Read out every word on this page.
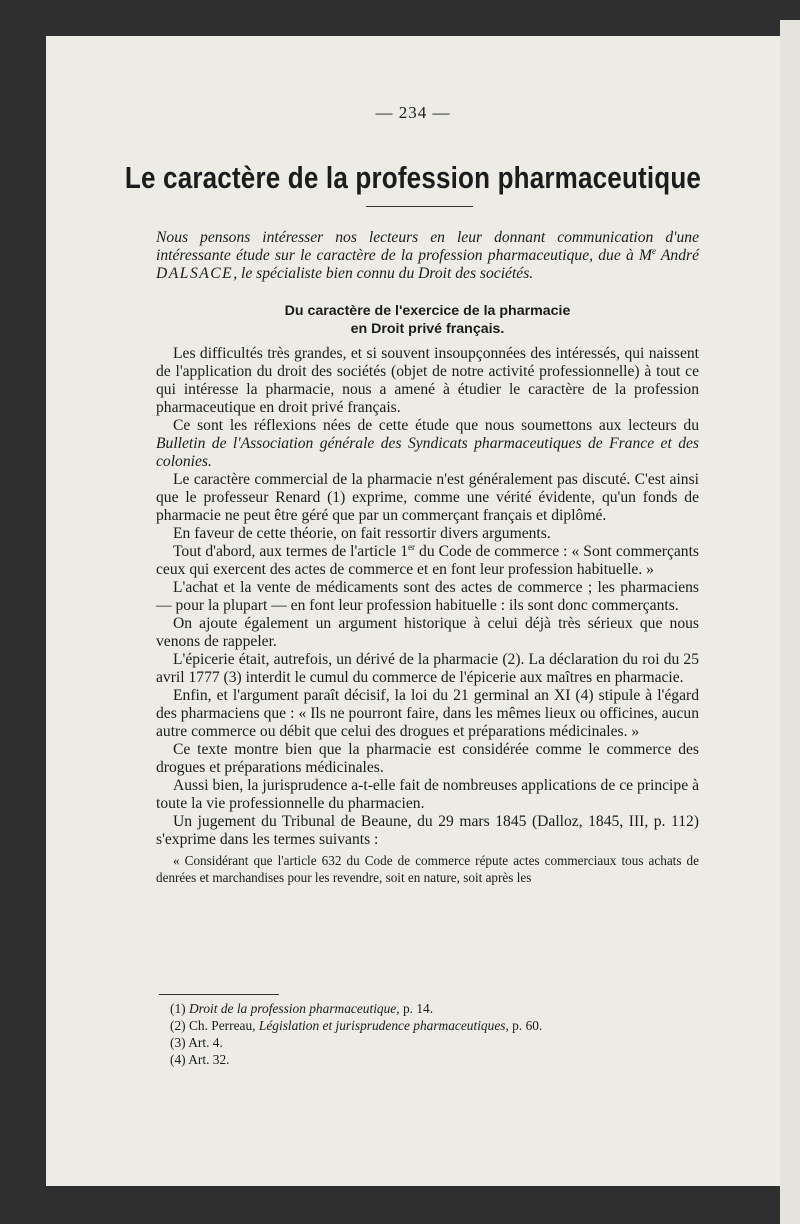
— 234 —
Le caractère de la profession pharmaceutique
Nous pensons intéresser nos lecteurs en leur donnant communication d'une intéressante étude sur le caractère de la profession pharmaceutique, due à Me André DALSACE, le spécialiste bien connu du Droit des sociétés.
Du caractère de l'exercice de la pharmacie
en Droit privé français.

Les difficultés très grandes, et si souvent insoupçonnées des intéressés, qui naissent de l'application du droit des sociétés (objet de notre activité professionnelle) à tout ce qui intéresse la pharmacie, nous a amené à étudier le caractère de la profession pharmaceutique en droit privé français.

Ce sont les réflexions nées de cette étude que nous soumettons aux lecteurs du Bulletin de l'Association générale des Syndicats pharmaceutiques de France et des colonies.

Le caractère commercial de la pharmacie n'est généralement pas discuté. C'est ainsi que le professeur Renard (1) exprime, comme une vérité évidente, qu'un fonds de pharmacie ne peut être géré que par un commerçant français et diplômé.

En faveur de cette théorie, on fait ressortir divers arguments.

Tout d'abord, aux termes de l'article 1er du Code de commerce : « Sont commerçants ceux qui exercent des actes de commerce et en font leur profession habituelle. »

L'achat et la vente de médicaments sont des actes de commerce ; les pharmaciens — pour la plupart — en font leur profession habituelle : ils sont donc commerçants.

On ajoute également un argument historique à celui déjà très sérieux que nous venons de rappeler.

L'épicerie était, autrefois, un dérivé de la pharmacie (2). La déclaration du roi du 25 avril 1777 (3) interdit le cumul du commerce de l'épicerie aux maîtres en pharmacie.

Enfin, et l'argument paraît décisif, la loi du 21 germinal an XI (4) stipule à l'égard des pharmaciens que : « Ils ne pourront faire, dans les mêmes lieux ou officines, aucun autre commerce ou débit que celui des drogues et préparations médicinales. »

Ce texte montre bien que la pharmacie est considérée comme le commerce des drogues et préparations médicinales.

Aussi bien, la jurisprudence a-t-elle fait de nombreuses applications de ce principe à toute la vie professionnelle du pharmacien.

Un jugement du Tribunal de Beaune, du 29 mars 1845 (Dalloz, 1845, III, p. 112) s'exprime dans les termes suivants :

« Considérant que l'article 632 du Code de commerce répute actes commerciaux tous achats de denrées et marchandises pour les revendre, soit en nature, soit après les

(1) Droit de la profession pharmaceutique, p. 14.
(2) Ch. Perreau, Législation et jurisprudence pharmaceutiques, p. 60.
(3) Art. 4.
(4) Art. 32.
